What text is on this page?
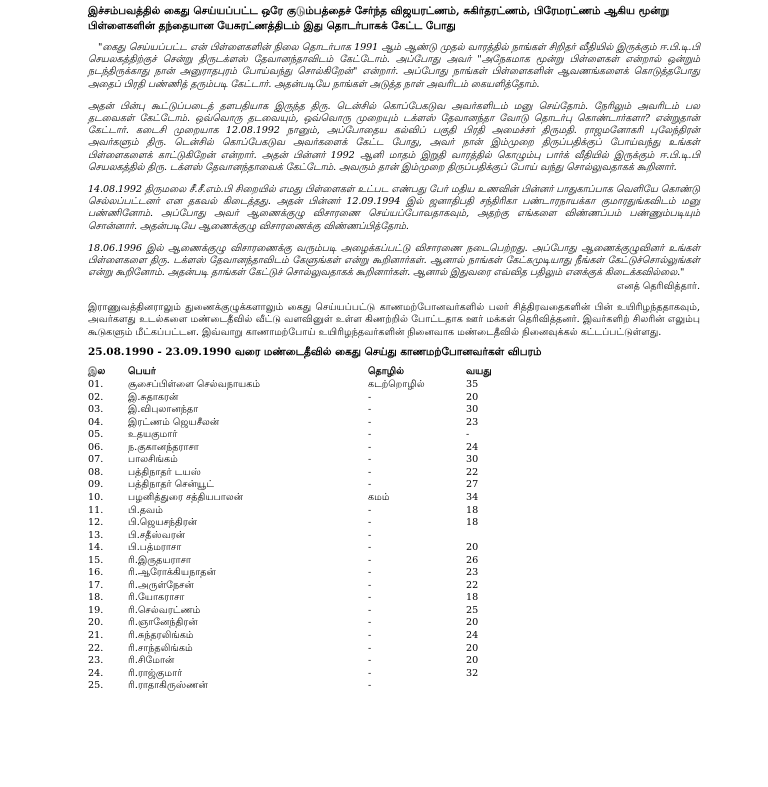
இச்சம்பவத்தில் கைது செய்யப்பட்ட ஒரே குடும்பத்தைச் சேர்ந்த விஜயரட்ணம், சுகிர்தரட்ணம், பிரேமரட்ணம் ஆகிய மூன்று பிள்ளைகளின் தந்தையான யேசுரட்ணத்திடம் இது தொடர்பாகக் கேட்ட போது

"கைது செய்யப்பட்ட என் பிள்ளைகளின் நிலை தொடர்பாக 1991 ஆம் ஆண்டு முதல் வாரத்தில் நாங்கள் சிறிதர் வீதியில் இருக்கும் ஈ.பி.டி.பி செயலகத்திற்குச் சென்று திருடக்ளஸ் தேவானந்தாவிடம் கேட்டோம். அப்போது அவர் "அநேகமாக மூன்று பிள்ளைகள் என்றால் ஒன்றும் நடந்திருக்காது நான் அனுராதபுரம் போய்வந்து சொல்கிறேன்" என்றார். அப்போது நாங்கள் பிள்ளைகளின் ஆவணங்களைக் கொடுத்தபோது அதைப் பிரதி பண்ணித் தரும்படி கேட்டார். அதன்படியே நாங்கள் அடுத்த நாள் அவரிடம் கையளித்தோம்.

அதன் பின்பு கூட்டுப்படைத் தளபதியாக இருந்த திரு. டென்சில் கொப்பேகடுவ அவர்களிடம் மனு செய்தோம். நேரிலும் அவரிடம் பல தடவைகள் கேட்டோம். ஒவ்வொரு தடவையும், ஒவ்வொரு முறையும் டக்ளஸ் தேவானந்தா வோடு தொடர்பு கொண்டார்களா? என்றுதான் கேட்டார். கடைசி முறையாக 12.08.1992 நானும், அப்போதைய கல்விப் பகுதி பிரதி அமைச்சர் திருமதி. ராஜமனோகரி புலேந்திரன் அவர்களும் திரு. டென்சில் கொப்பேகடுவ அவர்களைக் கேட்ட போது, அவர் நான் இம்முறை திருப்பதிக்குப் போய்வந்து உங்கள் பிள்ளைகளைக் காட்டுகிறேன் என்றார். அதன் பின்னர் 1992 ஆனி மாதம் இறுதி வாரத்தில் கொழும்பு பார்க் வீதியில் இருக்கும் ஈ.பி.டி.பி செயலகத்தில் திரு. டக்ளஸ் தேவானந்தாவைக் கேட்டோம். அவரும் தான் இம்முறை திருப்பதிக்குப் போய் வந்து சொல்லுவதாகக் கூறினார்.

14.08.1992 திருமலை சீ.சீ.எம்.பி சிறையில் எமது பிள்ளைகள் உட்பட எண்பது பேர் மதிய உணவின் பின்னர் பாதுகாப்பாக வெளியே கொண்டு செல்லப்பட்டனர் என தகவல் கிடைத்தது. அதன் பின்னர் 12.09.1994 இல் ஜனாதிபதி சந்திரிகா பண்டாரநாயக்கா குமாரதுங்கவிடம் மனு பண்ணினோம். அப்போது அவர் ஆணைக்குழு விசாரணை செய்யப்போவதாகவும், அதற்கு எங்களை விண்ணப்பம் பண்ணும்படியும் சொன்னார். அதன்படியே ஆணைக்குழு விசாரணைக்கு விண்ணப்பித்தோம்.

18.06.1996 இல் ஆணைக்குழு விசாரணைக்கு வரும்படி அழைக்கப்பட்டு விசாரணை நடைபெற்றது. அப்போது ஆணைக்குழுவினர் உங்கள் பிள்ளைகளை திரு. டக்ளஸ் தேவானந்தாவிடம் கேளுங்கள் என்று கூறினார்கள். ஆனால் நாங்கள் கேட்கமுடியாது நீங்கள் கேட்டுச்சொல்லுங்கள் என்று கூறினோம். அதன்படி தாங்கள் கேட்டுச் சொல்லுவதாகக் கூறினார்கள். ஆனால் இதுவரை எவ்வித பதிலும் எனக்குக் கிடைக்கவில்லை."

எனத் தெரிவித்தார்.

இராணுவத்தினராலும் துணைக்குழுக்களாலும் கைது செய்யப்பட்டு காணமற்போனவர்களில் பலர் சித்திரவதைகளின் பின் உயிரிழந்ததாகவும், அவர்களது உடல்களை மண்டைதீவில் வீட்டு வளவினுள் உள்ள கிணற்றில் போட்டதாக ஊர் மக்கள் தெரிவித்தனர். இவர்களிற் சிலரின் எலும்பு கூடுகளும் மீட்கப்பட்டன. இவ்வாறு காணாமற்போய் உயிரிழந்தவர்களின் நினைவாக மண்டைதீவில் நினைவுக்கல் கட்டப்பட்டுள்ளது.

25.08.1990 - 23.09.1990 வரை மண்டைதீவில் கைது செய்து காணமற்போனவர்கள் விபரம்

இல	பெயர்	தொழில்	வயது	
01.	சூசைப்பிள்ளை செல்வநாயகம்	கடற்றொழில்	35	
02.	இ.சுதாகரன்	-	20	
03.	இ.விபுலானந்தா	-	30	
04.	இரட்ணம் ஜெயசீலன்	-	23	
05.	உதயகுமார்	-	-	
06.	ந.குகானந்தராசா	-	24	
07.	பாலசிங்கம்	-	30	
08.	பத்திநாதர் டயஸ்	-	22	
09.	பத்திநாதர் சென்யூட்	-	27	
10.	பழனித்துரை சத்தியபாலன்	கமம்	34	
11.	பி.தவம்	-	18	
12.	பி.ஜெயசந்திரன்	-	18	
13.	பி.சதீஸ்வரன்	-		
14.	பி.பத்மராசா	-	20	
15.	ரி.இருதயராசா	-	26	
16.	ரி.ஆரோக்கியநாதன்	-	23	
17.	ரி.அருள்நேசன்	-	22	
18.	ரி.யோகராசா	-	18	
19.	ரி.செல்வரட்ணம்	-	25	
20.	ரி.ஞானேந்திரன்	-	20	
21.	ரி.சுந்தரலிங்கம்	-	24	
22.	ரி.சாந்தலிங்கம்	-	20	
23.	ரி.சிமோன்	-	20	
24.	ரி.ராஜ்குமார்	-	32	
25.	ரி.ராதாகிருஸ்ணன்	-		
